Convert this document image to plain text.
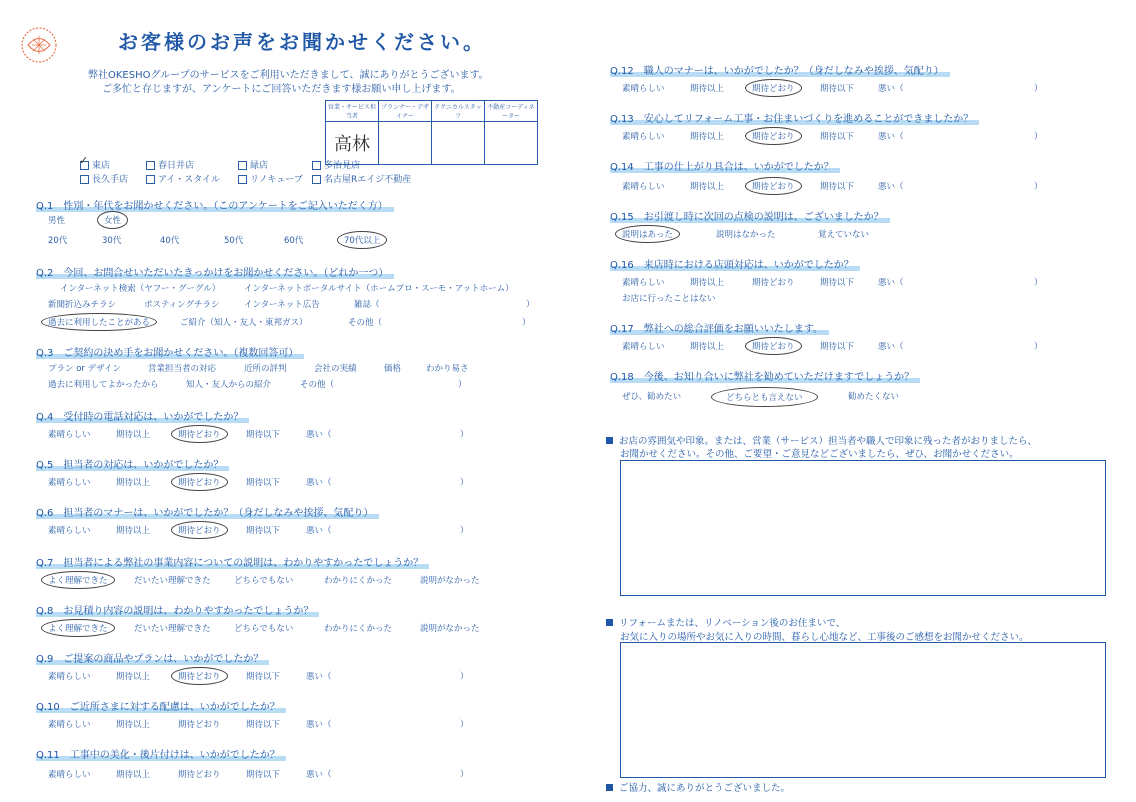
お客様のお声をお聞かせください。
弊社OKESHOグループのサービスをご利用いただきまして、誠にありがとうございます。
ご多忙と存じますが、アンケートにご回答いただきます様お願い申し上げます。
営業・サービス担当者	プランナー・デザイナー	テクニカルスタッフ	不動産コーディネーター
高林			
✓ 東店	春日井店	緑店	多治見店
長久手店	アイ・スタイル	リノキューブ	名古屋Rエイジ不動産
Q.1　性別・年代をお聞かせください。（このアンケートをご記入いただく方）
男性	女性
20代	30代	40代	50代	60代	70代以上
Q.2　今回、お問合せいただいたきっかけをお聞かせください。（どれか一つ）
インターネット検索（ヤフー・グーグル）	インターネットポータルサイト（ホームプロ・スーモ・アットホーム）
新聞折込みチラシ	ポスティングチラシ	インターネット広告	雑誌（	）
過去に利用したことがある	ご紹介（知人・友人・東邦ガス）	その他（	）
Q.3　ご契約の決め手をお聞かせください。（複数回答可）
プラン or デザイン	営業担当者の対応	近所の評判	会社の実績	価格	わかり易さ
過去に利用してよかったから	知人・友人からの紹介	その他（	）
Q.4　受付時の電話対応は、いかがでしたか？
素晴らしい	期待以上	期待どおり	期待以下	悪い（	）
Q.5　担当者の対応は、いかがでしたか？
素晴らしい	期待以上	期待どおり	期待以下	悪い（	）
Q.6　担当者のマナーは、いかがでしたか？（身だしなみや挨拶、気配り）
素晴らしい	期待以上	期待どおり	期待以下	悪い（	）
Q.7　担当者による弊社の事業内容についての説明は、わかりやすかったでしょうか？
よく理解できた	だいたい理解できた	どちらでもない	わかりにくかった	説明がなかった
Q.8　お見積り内容の説明は、わかりやすかったでしょうか？
よく理解できた	だいたい理解できた	どちらでもない	わかりにくかった	説明がなかった
Q.9　ご提案の商品やプランは、いかがでしたか？
素晴らしい	期待以上	期待どおり	期待以下	悪い（	）
Q.10　ご近所さまに対する配慮は、いかがでしたか？
素晴らしい	期待以上	期待どおり	期待以下	悪い（	）
Q.11　工事中の美化・後片付けは、いかがでしたか？
素晴らしい	期待以上	期待どおり	期待以下	悪い（	）
Q.12　職人のマナーは、いかがでしたか？（身だしなみや挨拶、気配り）
素晴らしい	期待以上	期待どおり	期待以下	悪い（	）
Q.13　安心してリフォーム工事・お住まいづくりを進めることができましたか？
素晴らしい	期待以上	期待どおり	期待以下	悪い（	）
Q.14　工事の仕上がり具合は、いかがでしたか？
素晴らしい	期待以上	期待どおり	期待以下	悪い（	）
Q.15　お引渡し時に次回の点検の説明は、ございましたか？
説明はあった	説明はなかった	覚えていない
Q.16　来店時における店頭対応は、いかがでしたか？
素晴らしい	期待以上	期待どおり	期待以下	悪い（	）
お店に行ったことはない
Q.17　弊社への総合評価をお願いいたします。
素晴らしい	期待以上	期待どおり	期待以下	悪い（	）
Q.18　今後、お知り合いに弊社を勧めていただけますでしょうか？
ぜひ、勧めたい	どちらとも言えない	勧めたくない
お店の雰囲気や印象。または、営業（サービス）担当者や職人で印象に残った者がおりましたら、
お聞かせください。その他、ご要望・ご意見などございましたら、ぜひ、お聞かせください。
リフォームまたは、リノベーション後のお住まいで、
お気に入りの場所やお気に入りの時間、暮らし心地など、工事後のご感想をお聞かせください。
ご協力、誠にありがとうございました。
